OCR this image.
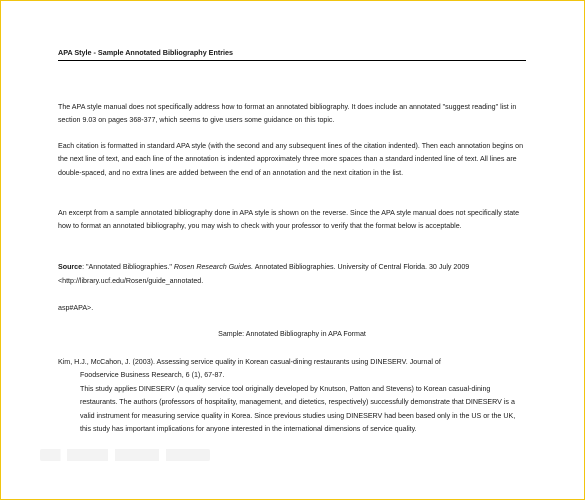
APA Style - Sample Annotated Bibliography Entries
The APA style manual does not specifically address how to format an annotated bibliography. It does include an annotated "suggest reading" list in section 9.03 on pages 368-377, which seems to give users some guidance on this topic.
Each citation is formatted in standard APA style (with the second and any subsequent lines of the citation indented). Then each annotation begins on the next line of text, and each line of the annotation is indented approximately three more spaces than a standard indented line of text. All lines are double-spaced, and no extra lines are added between the end of an annotation and the next citation in the list.
An excerpt from a sample annotated bibliography done in APA style is shown on the reverse. Since the APA style manual does not specifically state how to format an annotated bibliography, you may wish to check with your professor to verify that the format below is acceptable.
Source: "Annotated Bibliographies." Rosen Research Guides. Annotated Bibliographies. University of Central Florida. 30 July 2009
<http://library.ucf.edu/Rosen/guide_annotated.
asp#APA>.
Sample: Annotated Bibliography in APA Format
Kim, H.J., McCahon, J. (2003). Assessing service quality in Korean casual-dining restaurants using DINESERV. Journal of
Foodservice Business Research, 6 (1), 67-87.
This study applies DINESERV (a quality service tool originally developed by Knutson, Patton and Stevens) to Korean casual-dining restaurants. The authors (professors of hospitality, management, and dietetics, respectively) successfully demonstrate that DINESERV is a valid instrument for measuring service quality in Korea. Since previous studies using DINESERV had been based only in the US or the UK, this study has important implications for anyone interested in the international dimensions of service quality.
